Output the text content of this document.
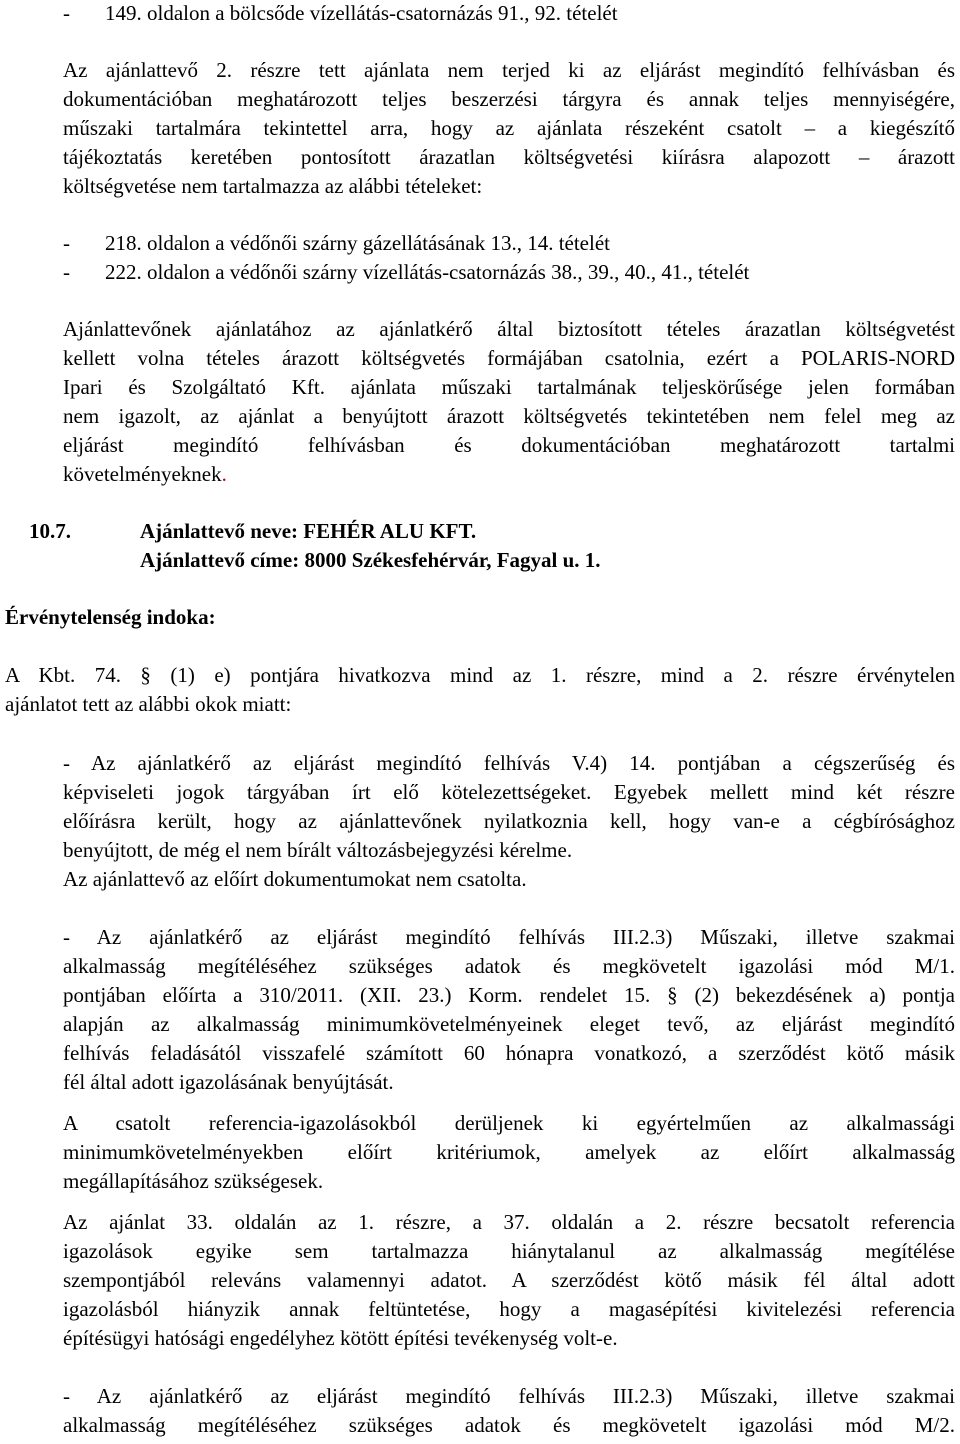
- 149. oldalon a bölcsőde vízellátás-csatornázás 91., 92. tételét
Az ajánlattevő 2. részre tett ajánlata nem terjed ki az eljárást megindító felhívásban és
dokumentációban meghatározott teljes beszerzési tárgyra és annak teljes mennyiségére,
műszaki tartalmára tekintettel arra, hogy az ajánlata részeként csatolt – a kiegészítő
tájékoztatás keretében pontosított árazatlan költségvetési kiírásra alapozott – árazott
költségvetése nem tartalmazza az alábbi tételeket:
- 218. oldalon a védőnői szárny gázellátásának 13., 14. tételét
- 222. oldalon a védőnői szárny vízellátás-csatornázás 38., 39., 40., 41., tételét
Ajánlattevőnek ajánlatához az ajánlatkérő által biztosított tételes árazatlan költségvetést
kellett volna tételes árazott költségvetés formájában csatolnia, ezért a POLARIS-NORD
Ipari és Szolgáltató Kft. ajánlata műszaki tartalmának teljeskörűsége jelen formában
nem igazolt, az ajánlat a benyújtott árazott költségvetés tekintetében nem felel meg az
eljárást megindító felhívásban és dokumentációban meghatározott tartalmi
követelményeknek.
10.7.	Ajánlattevő neve: FEHÉR ALU KFT.
Ajánlattevő címe: 8000 Székesfehérvár, Fagyal u. 1.
Érvénytelenség indoka:
A Kbt. 74. § (1) e) pontjára hivatkozva mind az 1. részre, mind a 2. részre érvénytelen
ajánlatot tett az alábbi okok miatt:
- Az ajánlatkérő az eljárást megindító felhívás V.4) 14. pontjában a cégszerűség és
képviseleti jogok tárgyában írt elő kötelezettségeket. Egyebek mellett mind két részre
előírásra került, hogy az ajánlattevőnek nyilatkoznia kell, hogy van-e a cégbírósághoz
benyújtott, de még el nem bírált változásbejegyzési kérelme.
Az ajánlattevő az előírt dokumentumokat nem csatolta.
- Az ajánlatkérő az eljárást megindító felhívás III.2.3) Műszaki, illetve szakmai
alkalmasság megítéléséhez szükséges adatok és megkövetelt igazolási mód M/1.
pontjában előírta a 310/2011. (XII. 23.) Korm. rendelet 15. § (2) bekezdésének a) pontja
alapján az alkalmasság minimumkövetelményeinek eleget tevő, az eljárást megindító
felhívás feladásától visszafelé számított 60 hónapra vonatkozó, a szerződést kötő másik
fél által adott igazolásának benyújtását.
A csatolt referencia-igazolásokból derüljenek ki egyértelműen az alkalmassági
minimumkövetelményekben előírt kritériumok, amelyek az előírt alkalmasság
megállapításához szükségesek.
Az ajánlat 33. oldalán az 1. részre, a 37. oldalán a 2. részre becsatolt referencia
igazolások egyike sem tartalmazza hiánytalanul az alkalmasság megítélése
szempontjából releváns valamennyi adatot. A szerződést kötő másik fél által adott
igazolásból hiányzik annak feltüntetése, hogy a magasépítési kivitelezési referencia
építésügyi hatósági engedélyhez kötött építési tevékenység volt-e.
- Az ajánlatkérő az eljárást megindító felhívás III.2.3) Műszaki, illetve szakmai
alkalmasság megítéléséhez szükséges adatok és megkövetelt igazolási mód M/2.
